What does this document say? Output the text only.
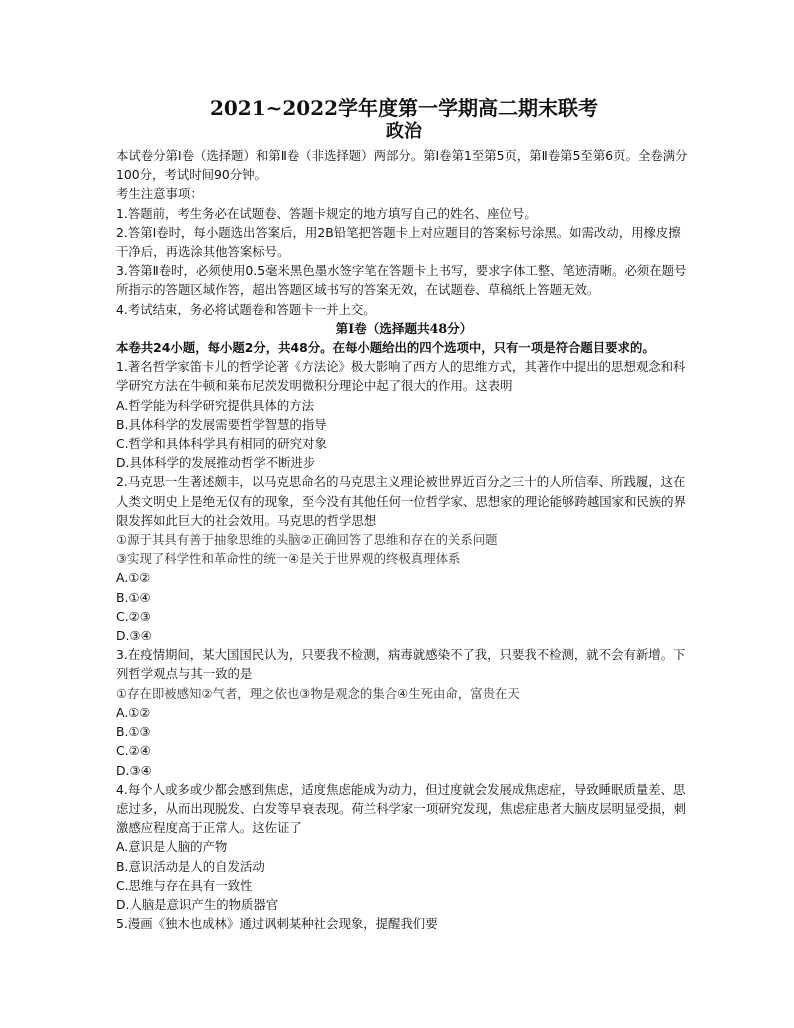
2021~2022学年度第一学期高二期末联考
政治

本试卷分第Ⅰ卷（选择题）和第Ⅱ卷（非选择题）两部分。第Ⅰ卷第1至第5页，第Ⅱ卷第5至第6页。全卷满分100分，考试时间90分钟。

考生注意事项：

1.答题前，考生务必在试题卷、答题卡规定的地方填写自己的姓名、座位号。

2.答第Ⅰ卷时，每小题选出答案后，用2B铅笔把答题卡上对应题目的答案标号涂黑。如需改动，用橡皮擦干净后，再选涂其他答案标号。

3.答第Ⅱ卷时，必须使用0.5毫米黑色墨水签字笔在答题卡上书写，要求字体工整、笔迹清晰。必须在题号所指示的答题区域作答，超出答题区域书写的答案无效，在试题卷、草稿纸上答题无效。

4.考试结束，务必将试题卷和答题卡一并上交。

第Ⅰ卷（选择题共48分）

本卷共24小题，每小题2分，共48分。在每小题给出的四个选项中，只有一项是符合题目要求的。

1.著名哲学家笛卡儿的哲学论著《方法论》极大影响了西方人的思维方式，其著作中提出的思想观念和科学研究方法在牛顿和莱布尼茨发明微积分理论中起了很大的作用。这表明

A.哲学能为科学研究提供具体的方法

B.具体科学的发展需要哲学智慧的指导

C.哲学和具体科学具有相同的研究对象

D.具体科学的发展推动哲学不断进步

2.马克思一生著述颇丰，以马克思命名的马克思主义理论被世界近百分之三十的人所信奉、所践履，这在人类文明史上是绝无仅有的现象，至今没有其他任何一位哲学家、思想家的理论能够跨越国家和民族的界限发挥如此巨大的社会效用。马克思的哲学思想

①源于其具有善于抽象思维的头脑②正确回答了思维和存在的关系问题

③实现了科学性和革命性的统一④是关于世界观的终极真理体系

A.①②

B.①④

C.②③

D.③④

3.在疫情期间，某大国国民认为，只要我不检测，病毒就感染不了我，只要我不检测，就不会有新增。下列哲学观点与其一致的是

①存在即被感知②气者，理之依也③物是观念的集合④生死由命，富贵在天

A.①②

B.①③

C.②④

D.③④

4.每个人或多或少都会感到焦虑，适度焦虑能成为动力，但过度就会发展成焦虑症，导致睡眠质量差、思虑过多，从而出现脱发、白发等早衰表现。荷兰科学家一项研究发现，焦虑症患者大脑皮层明显受损，刺激感应程度高于正常人。这佐证了

A.意识是人脑的产物

B.意识活动是人的自发活动

C.思维与存在具有一致性

D.人脑是意识产生的物质器官

5.漫画《独木也成林》通过讽刺某种社会现象，提醒我们要
